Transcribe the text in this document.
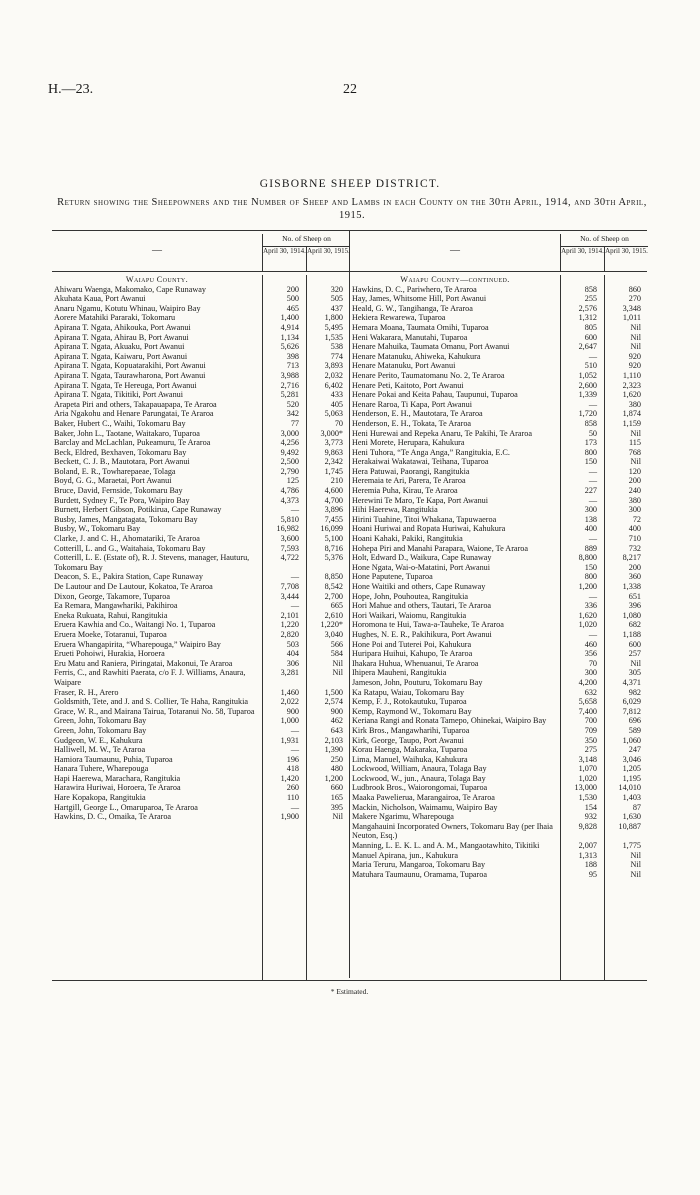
H.—23.	22
GISBORNE SHEEP DISTRICT.
Return showing the Sheepowners and the Number of Sheep and Lambs in each County on the 30th April, 1914, and 30th April, 1915.
—
No. of Sheep on
April 30, 1914. April 30, 1915.
Waiapu County.
Ahiwaru Waenga, Makomako, Cape Runaway	200	320
Akuhata Kaua, Port Awanui	500	505
Anaru Ngamu, Kotutu Whinau, Waipiro Bay	465	437
Aorere Matahiki Pararaki, Tokomaru	1,400	1,800
Apirana T. Ngata, Ahikouka, Port Awanui	4,914	5,495
Apirana T. Ngata, Ahirau B, Port Awanui	1,134	1,535
Apirana T. Ngata, Akuaku, Port Awanui	5,626	538
Apirana T. Ngata, Kaiwaru, Port Awanui	398	774
Apirana T. Ngata, Kopuatarakihi, Port Awanui	713	3,893
Apirana T. Ngata, Taurawharona, Port Awanui	3,988	2,032
Apirana T. Ngata, Te Hereuga, Port Awanui	2,716	6,402
Apirana T. Ngata, Tikitiki, Port Awanui	5,281	433
Arapeta Piri and others, Takapauapapa, Te Araroa	520	405
Aria Ngakohu and Henare Parungatai, Te Araroa	342	5,063
Baker, Hubert C., Waihi, Tokomaru Bay	77	70
Baker, John L., Taotane, Waitakaro, Tuparoa	3,000	3,000*
Barclay and McLachlan, Pukeamuru, Te Araroa	4,256	3,773
Beck, Eldred, Bexhaven, Tokomaru Bay	9,492	9,863
Beckett, C. J. B., Mautotara, Port Awanui	2,500	2,342
Boland, E. R., Towharepaeae, Tolaga	2,790	1,745
Boyd, G. G., Maraetai, Port Awanui	125	210
Bruce, David, Fernside, Tokomaru Bay	4,786	4,600
Burdett, Sydney F., Te Pora, Waipiro Bay	4,373	4,700
Burnett, Herbert Gibson, Potikirua, Cape Runaway	—	3,896
Busby, James, Mangatagata, Tokomaru Bay	5,810	7,455
Busby, W., Tokomaru Bay	16,982	16,099
Clarke, J. and C. H., Ahomatariki, Te Araroa	3,600	5,100
Cotterill, L. and G., Waitahaia, Tokomaru Bay	7,593	8,716
Cotterill, L. E. (Estate of), R. J. Stevens, manager, Hauturu, Tokomaru Bay
4,722	5,376
Deacon, S. E., Pakira Station, Cape Runaway	—	8,850
De Lautour and De Lautour, Kokatoa, Te Araroa	7,708	8,542
Dixon, George, Takamore, Tuparoa	3,444	2,700
Ea Remara, Mangawhariki, Pakihiroa	—	665
Eneka Rukuata, Rahui, Rangitukia	2,101	2,610
Eruera Kawhia and Co., Waitangi No. 1, Tuparoa	1,220	1,220*
Eruera Moeke, Totaranui, Tuparoa	2,820	3,040
Eruera Whangapirita, “Wharepouga,” Waipiro Bay	503	566
Erueti Pohoiwi, Hurakia, Horoera	404	584
Eru Matu and Raniera, Piringatai, Makonui, Te Araroa	306	Nil
Ferris, C., and Rawhiti Paerata, c/o F. J. Williams, Anaura, Waipare
3,281	Nil
Fraser, R. H., Arero	1,460	1,500
Goldsmith, Tete, and J. and S. Collier, Te Haha, Rangitukia	2,022	2,574
Grace, W. R., and Mairana Tairua, Totaranui No. 58, Tuparoa	900	900
Green, John, Tokomaru Bay	1,000	462
Green, John, Tokomaru Bay	—	643
Gudgeon, W. E., Kahukura	1,931	2,103
Halliwell, M. W., Te Araroa	—	1,390
Hamiora Taumaunu, Puhia, Tuparoa	196	250
Hanara Tuhere, Wharepouga	418	480
Hapi Haerewa, Marachara, Rangitukia	1,420	1,200
Harawira Huriwai, Horoera, Te Araroa	260	660
Hare Kopakopa, Rangitukia	110	165
Hartgill, George L., Omaruparoa, Te Araroa	—	395
Hawkins, D. C., Omaika, Te Araroa	1,900	Nil
—
No. of Sheep on
April 30, 1914. April 30, 1915.
Waiapu County—continued.
Hawkins, D. C., Pariwhero, Te Araroa	858	860
Hay, James, Whitsome Hill, Port Awanui	255	270
Heald, G. W., Tangihanga, Te Araroa	2,576	3,348
Hekiera Rewarewa, Tuparoa	1,312	1,011
Hemara Moana, Taumata Omihi, Tuparoa	805	Nil
Heni Wakarara, Manutahi, Tuparoa	600	Nil
Henare Mahuika, Taumata Omanu, Port Awanui	2,647	Nil
Henare Matanuku, Ahiweka, Kahukura	—	920
Henare Matanuku, Port Awanui	510	920
Henare Perito, Taumatomanu No. 2, Te Araroa	1,052	1,110
Henare Peti, Kaitoto, Port Awanui	2,600	2,323
Henare Pokai and Keita Pahau, Taupunui, Tuparoa	1,339	1,620
Henare Raroa, Ti Kapa, Port Awanui	—	380
Henderson, E. H., Mautotara, Te Araroa	1,720	1,874
Henderson, E. H., Tokata, Te Araroa	858	1,159
Heni Hurewai and Repeka Anaru, Te Pakihi, Te Araroa	50	Nil
Heni Morete, Herupara, Kahukura	173	115
Heni Tuhora, “Te Anga Anga,” Rangitukia, E.C.	800	768
Herakaiwai Wakatawai, Teihana, Tuparoa	150	Nil
Hera Patuwai, Paorangi, Rangitukia	—	120
Heremaia te Ari, Parera, Te Araroa	—	200
Heremia Puha, Kirau, Te Araroa	227	240
Herewini Te Maro, Te Kapa, Port Awanui	—	380
Hihi Haerewa, Rangitukia	300	300
Hirini Tuahine, Titoi Whakana, Tapuwaeroa	138	72
Hoani Huriwai and Ropata Huriwai, Kahukura	400	400
Hoani Kahaki, Pakiki, Rangitukia	—	710
Hohepa Piri and Manahi Parapara, Waione, Te Araroa	889	732
Holt, Edward D., Waikura, Cape Runaway	8,800	8,217
Hone Ngata, Wai-o-Matatini, Port Awanui	150	200
Hone Paputene, Tuparoa	800	360
Hone Waitiki and others, Cape Runaway	1,200	1,338
Hope, John, Pouhoutea, Rangitukia	—	651
Hori Mahue and others, Tautari, Te Araroa	336	396
Hori Waikari, Waiomu, Rangitukia	1,620	1,080
Horomona te Hui, Tawa-a-Tauheke, Te Araroa	1,020	682
Hughes, N. E. R., Pakihikura, Port Awanui	—	1,188
Hone Poi and Tuterei Poi, Kahukura	460	600
Huripara Huihui, Kahupo, Te Araroa	356	257
Ihakara Huhua, Whenuanui, Te Araroa	70	Nil
Ihipera Mauheni, Rangitukia	300	305
Jameson, John, Pouturu, Tokomaru Bay	4,200	4,371
Ka Ratapu, Waiau, Tokomaru Bay	632	982
Kemp, F. J., Rotokautuku, Tuparoa	5,658	6,029
Kemp, Raymond W., Tokomaru Bay	7,400	7,812
Keriana Rangi and Ronata Tamepo, Ohinekai, Waipiro Bay	700	696
Kirk Bros., Mangawharihi, Tuparoa	709	589
Kirk, George, Taupo, Port Awanui	350	1,060
Korau Haenga, Makaraka, Tuparoa	275	247
Lima, Manuel, Waihuka, Kahukura	3,148	3,046
Lockwood, William, Anaura, Tolaga Bay	1,070	1,205
Lockwood, W., jun., Anaura, Tolaga Bay	1,020	1,195
Ludbrook Bros., Waiorongomai, Tuparoa	13,000	14,010
Maaka Pawelierua, Marangairoa, Te Araroa	1,530	1,403
Mackin, Nicholson, Waimamu, Waipiro Bay	154	87
Makere Ngarimu, Wharepouga	932	1,630
Mangahauini Incorporated Owners, Tokomaru Bay (per Ihaia Neuton, Esq.)
9,828	10,887
Manning, L. E. K. L. and A. M., Mangaotawhito, Tikitiki	2,007	1,775
Manuel Apirana, jun., Kahukura	1,313	Nil
Maria Teruru, Mangaroa, Tokomaru Bay	188	Nil
Matuhara Taumaunu, Oramama, Tuparoa	95	Nil
* Estimated.
